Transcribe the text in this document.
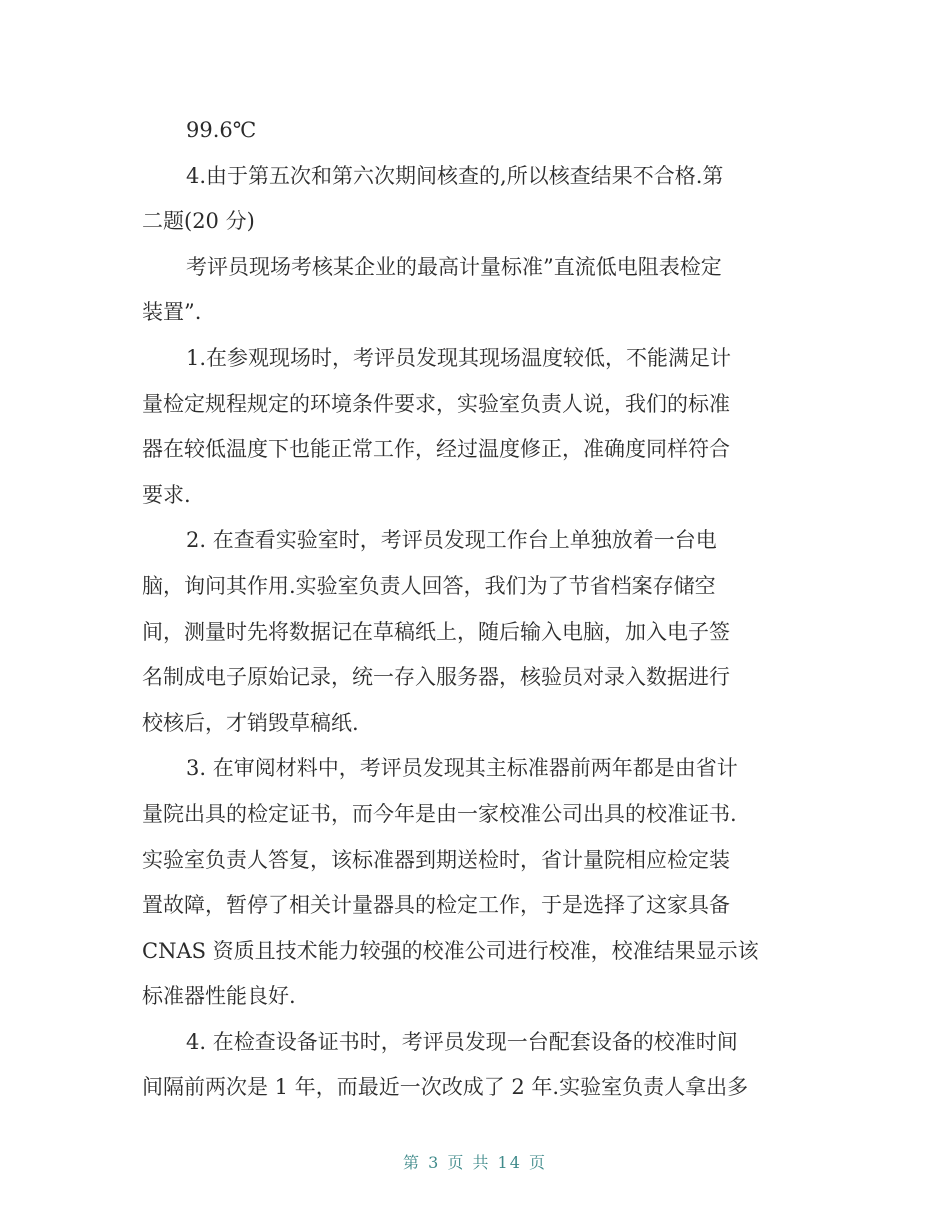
99.6℃

4.由于第五次和第六次期间核查的,所以核查结果不合格.第
二题(20 分)

考评员现场考核某企业的最高计量标准”直流低电阻表检定
装置”.

1.在参观现场时，考评员发现其现场温度较低，不能满足计
量检定规程规定的环境条件要求，实验室负责人说，我们的标准
器在较低温度下也能正常工作，经过温度修正，准确度同样符合
要求.

2. 在查看实验室时，考评员发现工作台上单独放着一台电
脑，询问其作用.实验室负责人回答，我们为了节省档案存储空
间，测量时先将数据记在草稿纸上，随后输入电脑，加入电子签
名制成电子原始记录，统一存入服务器，核验员对录入数据进行
校核后，才销毁草稿纸.

3. 在审阅材料中，考评员发现其主标准器前两年都是由省计
量院出具的检定证书，而今年是由一家校准公司出具的校准证书.
实验室负责人答复，该标准器到期送检时，省计量院相应检定装
置故障，暂停了相关计量器具的检定工作，于是选择了这家具备
CNAS 资质且技术能力较强的校准公司进行校准，校准结果显示该
标准器性能良好.

4. 在检查设备证书时，考评员发现一台配套设备的校准时间
间隔前两次是 1 年，而最近一次改成了 2 年.实验室负责人拿出多

第 3 页 共 14 页
